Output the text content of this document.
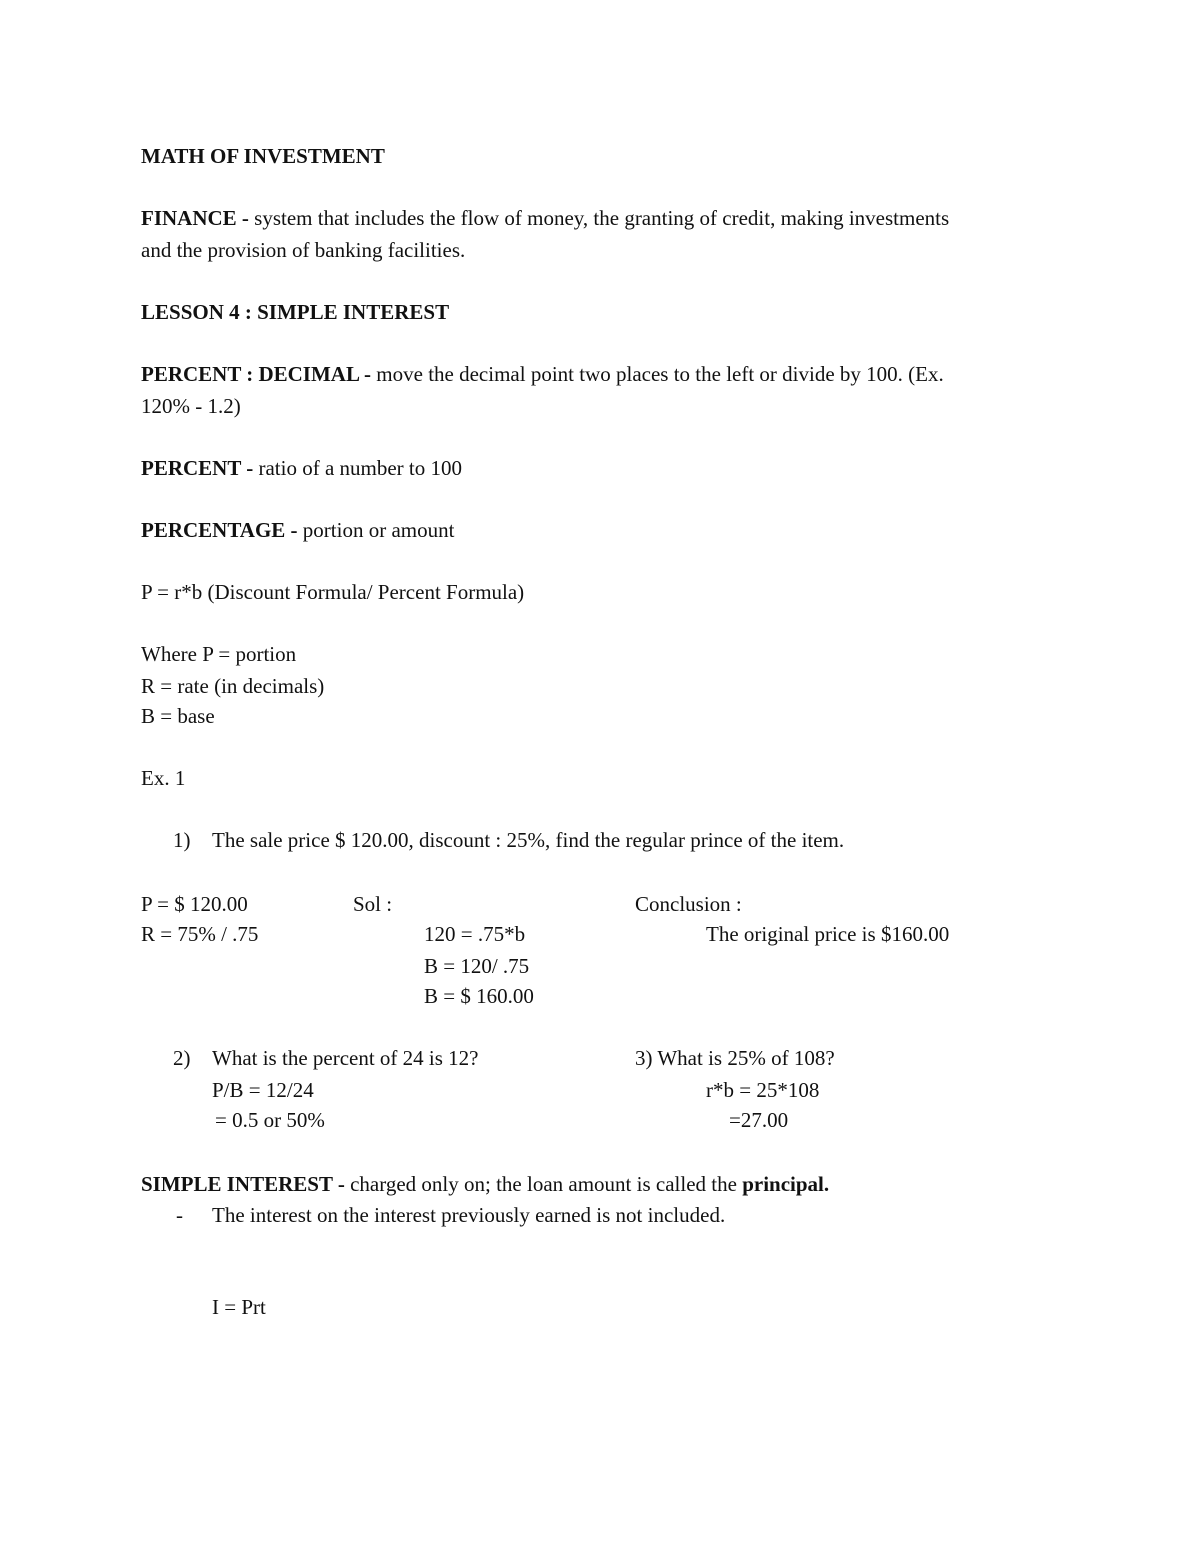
MATH OF INVESTMENT
FINANCE - system that includes the flow of money, the granting of credit, making investments
and the provision of banking facilities.
LESSON 4 : SIMPLE INTEREST
PERCENT : DECIMAL - move the decimal point two places to the left or divide by 100. (Ex.
120% - 1.2)
PERCENT - ratio of a number to 100
PERCENTAGE - portion or amount
P = r*b (Discount Formula/ Percent Formula)
Where P = portion
R = rate (in decimals)
B = base
Ex. 1
1) The sale price $ 120.00, discount : 25%, find the regular prince of the item.
P = $ 120.00
R = 75% / .75
Sol :
120 = .75*b
B = 120/ .75
B = $ 160.00
Conclusion :
The original price is $160.00
2) What is the percent of 24 is 12?
P/B = 12/24
= 0.5 or 50%
3) What is 25% of 108?
r*b = 25*108
=27.00
SIMPLE INTEREST - charged only on; the loan amount is called the principal.
- The interest on the interest previously earned is not included.
I = Prt
